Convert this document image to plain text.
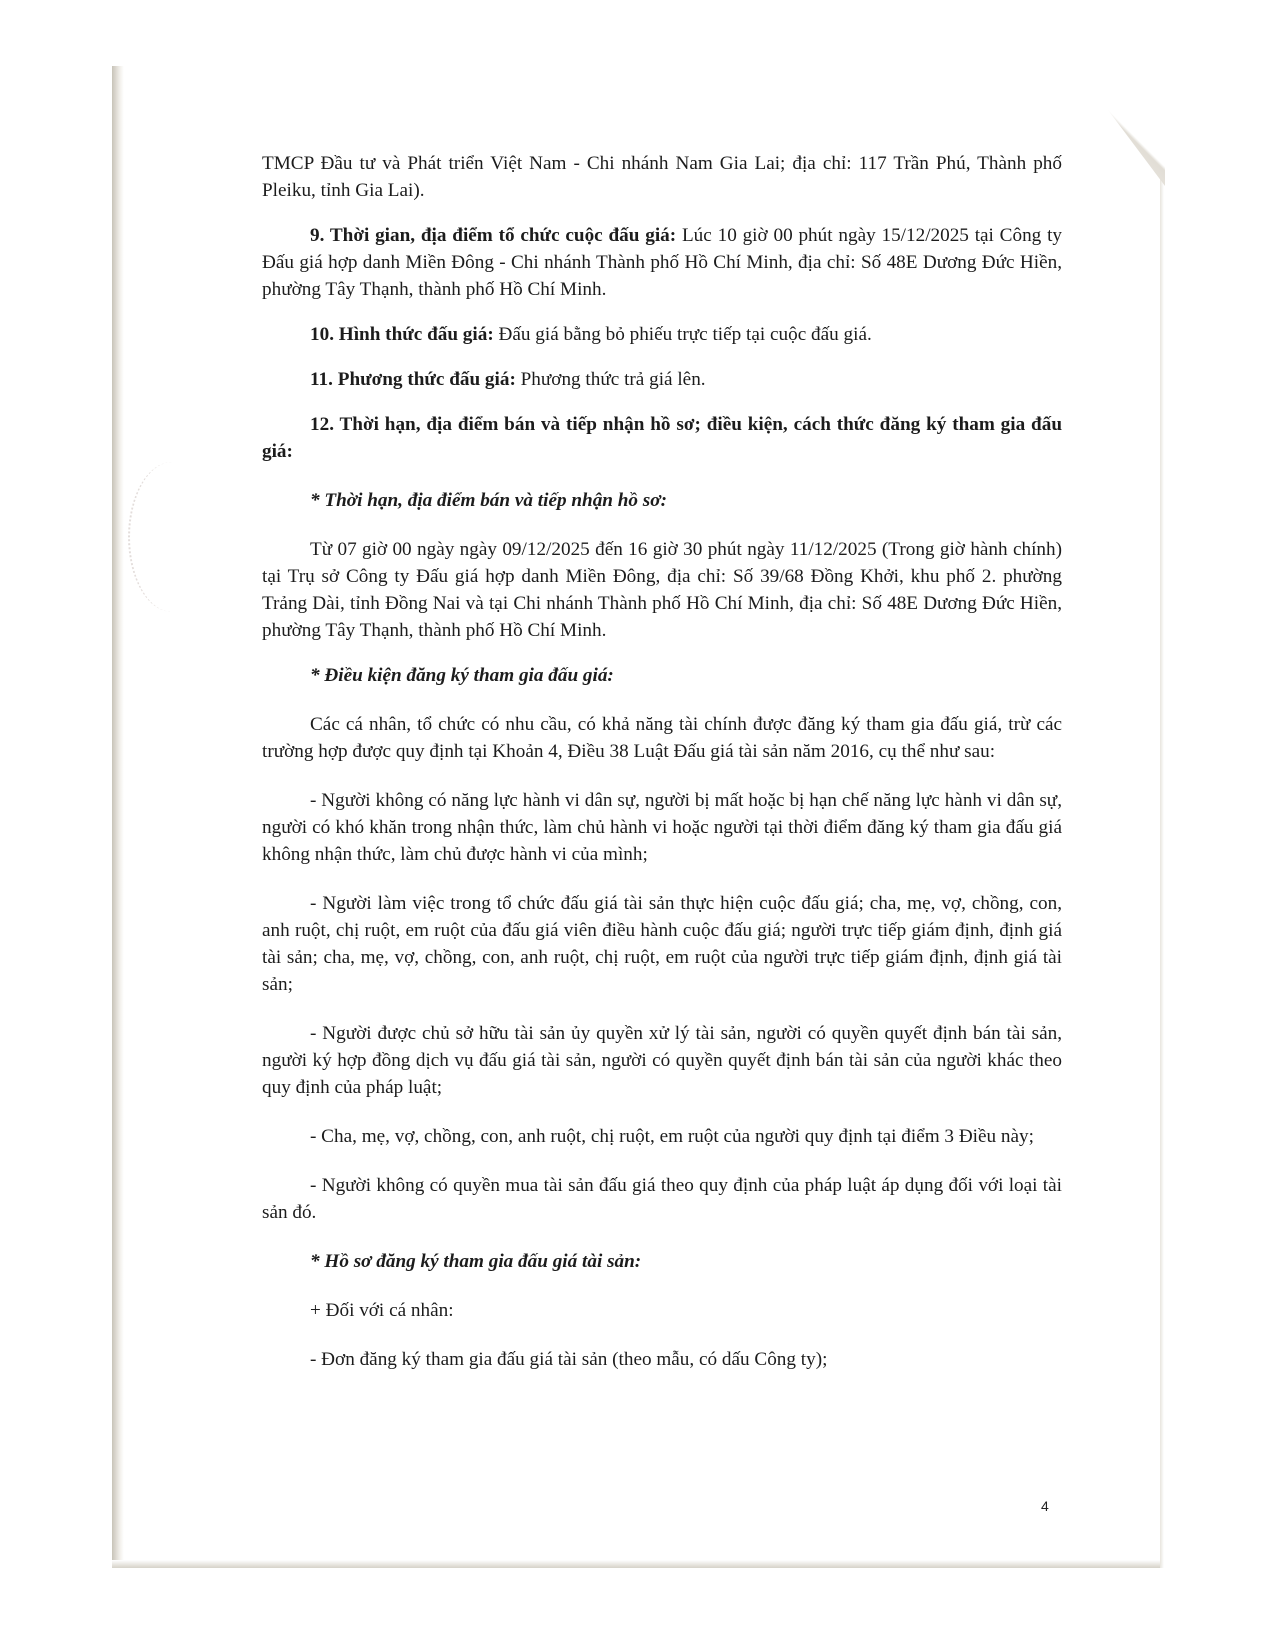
TMCP Đầu tư và Phát triển Việt Nam - Chi nhánh Nam Gia Lai; địa chỉ: 117 Trần Phú, Thành phố Pleiku, tỉnh Gia Lai).

9. Thời gian, địa điểm tổ chức cuộc đấu giá: Lúc 10 giờ 00 phút ngày 15/12/2025 tại Công ty Đấu giá hợp danh Miền Đông - Chi nhánh Thành phố Hồ Chí Minh, địa chỉ: Số 48E Dương Đức Hiền, phường Tây Thạnh, thành phố Hồ Chí Minh.

10. Hình thức đấu giá: Đấu giá bằng bỏ phiếu trực tiếp tại cuộc đấu giá.

11. Phương thức đấu giá: Phương thức trả giá lên.

12. Thời hạn, địa điểm bán và tiếp nhận hồ sơ; điều kiện, cách thức đăng ký tham gia đấu giá:

* Thời hạn, địa điểm bán và tiếp nhận hồ sơ:

Từ 07 giờ 00 ngày ngày 09/12/2025 đến 16 giờ 30 phút ngày 11/12/2025 (Trong giờ hành chính) tại Trụ sở Công ty Đấu giá hợp danh Miền Đông, địa chỉ: Số 39/68 Đồng Khởi, khu phố 2. phường Trảng Dài, tỉnh Đồng Nai và tại Chi nhánh Thành phố Hồ Chí Minh, địa chỉ: Số 48E Dương Đức Hiền, phường Tây Thạnh, thành phố Hồ Chí Minh.

* Điều kiện đăng ký tham gia đấu giá:

Các cá nhân, tổ chức có nhu cầu, có khả năng tài chính được đăng ký tham gia đấu giá, trừ các trường hợp được quy định tại Khoản 4, Điều 38 Luật Đấu giá tài sản năm 2016, cụ thể như sau:

- Người không có năng lực hành vi dân sự, người bị mất hoặc bị hạn chế năng lực hành vi dân sự, người có khó khăn trong nhận thức, làm chủ hành vi hoặc người tại thời điểm đăng ký tham gia đấu giá không nhận thức, làm chủ được hành vi của mình;

- Người làm việc trong tổ chức đấu giá tài sản thực hiện cuộc đấu giá; cha, mẹ, vợ, chồng, con, anh ruột, chị ruột, em ruột của đấu giá viên điều hành cuộc đấu giá; người trực tiếp giám định, định giá tài sản; cha, mẹ, vợ, chồng, con, anh ruột, chị ruột, em ruột của người trực tiếp giám định, định giá tài sản;

- Người được chủ sở hữu tài sản ủy quyền xử lý tài sản, người có quyền quyết định bán tài sản, người ký hợp đồng dịch vụ đấu giá tài sản, người có quyền quyết định bán tài sản của người khác theo quy định của pháp luật;

- Cha, mẹ, vợ, chồng, con, anh ruột, chị ruột, em ruột của người quy định tại điểm 3 Điều này;

- Người không có quyền mua tài sản đấu giá theo quy định của pháp luật áp dụng đối với loại tài sản đó.

* Hồ sơ đăng ký tham gia đấu giá tài sản:

+ Đối với cá nhân:

- Đơn đăng ký tham gia đấu giá tài sản (theo mẫu, có dấu Công ty);

4
